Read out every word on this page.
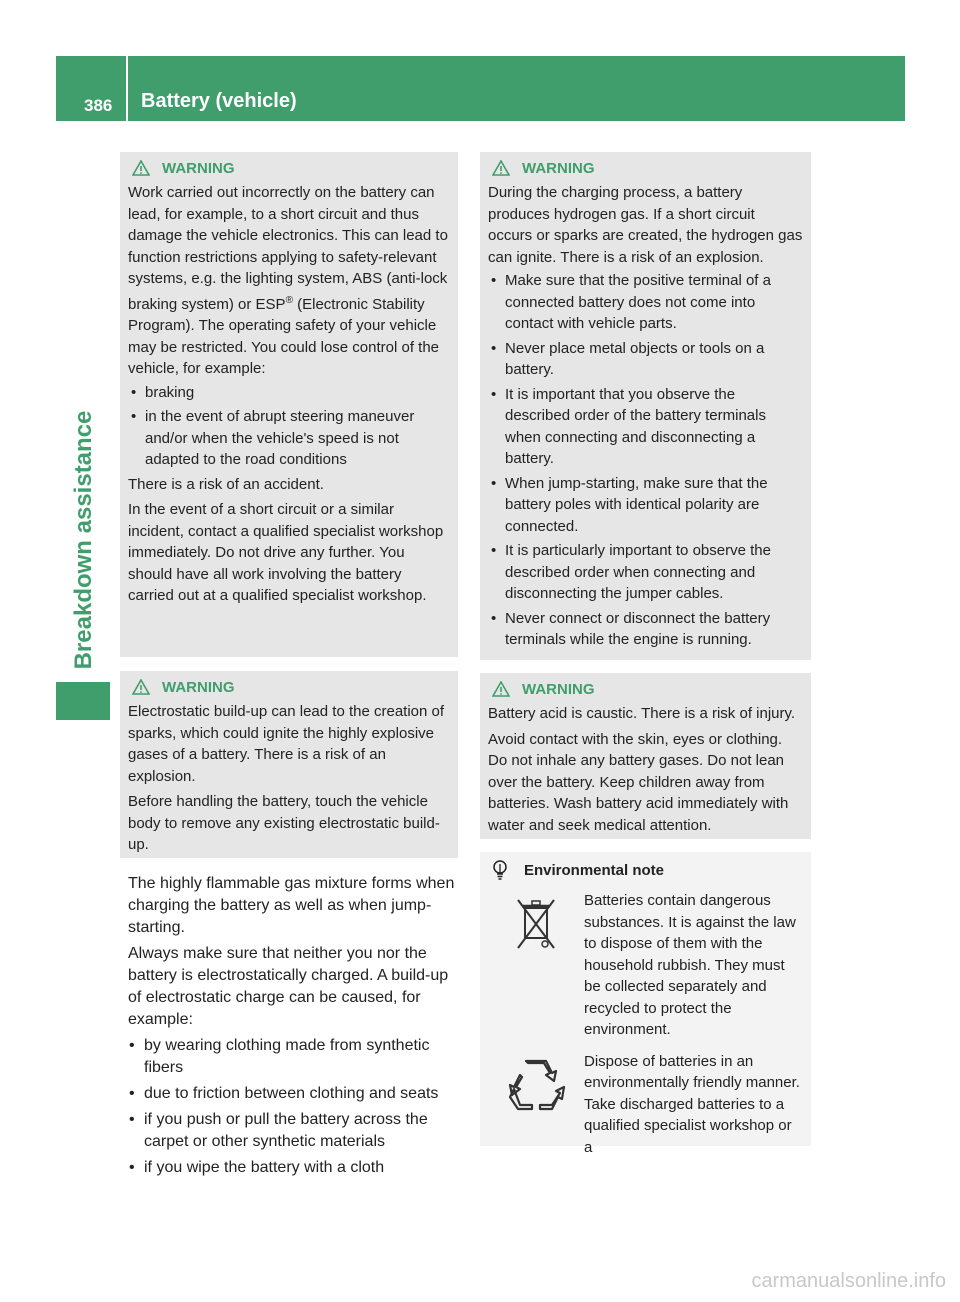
386 Battery (vehicle)
Breakdown assistance
WARNING

Work carried out incorrectly on the battery can lead, for example, to a short circuit and thus damage the vehicle electronics. This can lead to function restrictions applying to safety-relevant systems, e.g. the lighting system, ABS (anti-lock braking system) or ESP® (Electronic Stability Program). The operating safety of your vehicle may be restricted. You could lose control of the vehicle, for example:

• braking
• in the event of abrupt steering maneuver and/or when the vehicle's speed is not adapted to the road conditions

There is a risk of an accident.

In the event of a short circuit or a similar incident, contact a qualified specialist workshop immediately. Do not drive any further. You should have all work involving the battery carried out at a qualified specialist workshop.

WARNING

Electrostatic build-up can lead to the creation of sparks, which could ignite the highly explosive gases of a battery. There is a risk of an explosion.

Before handling the battery, touch the vehicle body to remove any existing electrostatic build-up.

The highly flammable gas mixture forms when charging the battery as well as when jump-starting.

Always make sure that neither you nor the battery is electrostatically charged. A build-up of electrostatic charge can be caused, for example:

• by wearing clothing made from synthetic fibers
• due to friction between clothing and seats
• if you push or pull the battery across the carpet or other synthetic materials
• if you wipe the battery with a cloth
WARNING

During the charging process, a battery produces hydrogen gas. If a short circuit occurs or sparks are created, the hydrogen gas can ignite. There is a risk of an explosion.

• Make sure that the positive terminal of a connected battery does not come into contact with vehicle parts.
• Never place metal objects or tools on a battery.
• It is important that you observe the described order of the battery terminals when connecting and disconnecting a battery.
• When jump-starting, make sure that the battery poles with identical polarity are connected.
• It is particularly important to observe the described order when connecting and disconnecting the jumper cables.
• Never connect or disconnect the battery terminals while the engine is running.
WARNING

Battery acid is caustic. There is a risk of injury.

Avoid contact with the skin, eyes or clothing. Do not inhale any battery gases. Do not lean over the battery. Keep children away from batteries. Wash battery acid immediately with water and seek medical attention.

Environmental note

Batteries contain dangerous substances. It is against the law to dispose of them with the household rubbish. They must be collected separately and recycled to protect the environment.

Dispose of batteries in an environmentally friendly manner. Take discharged batteries to a qualified specialist workshop or a

carmanualsonline.info
